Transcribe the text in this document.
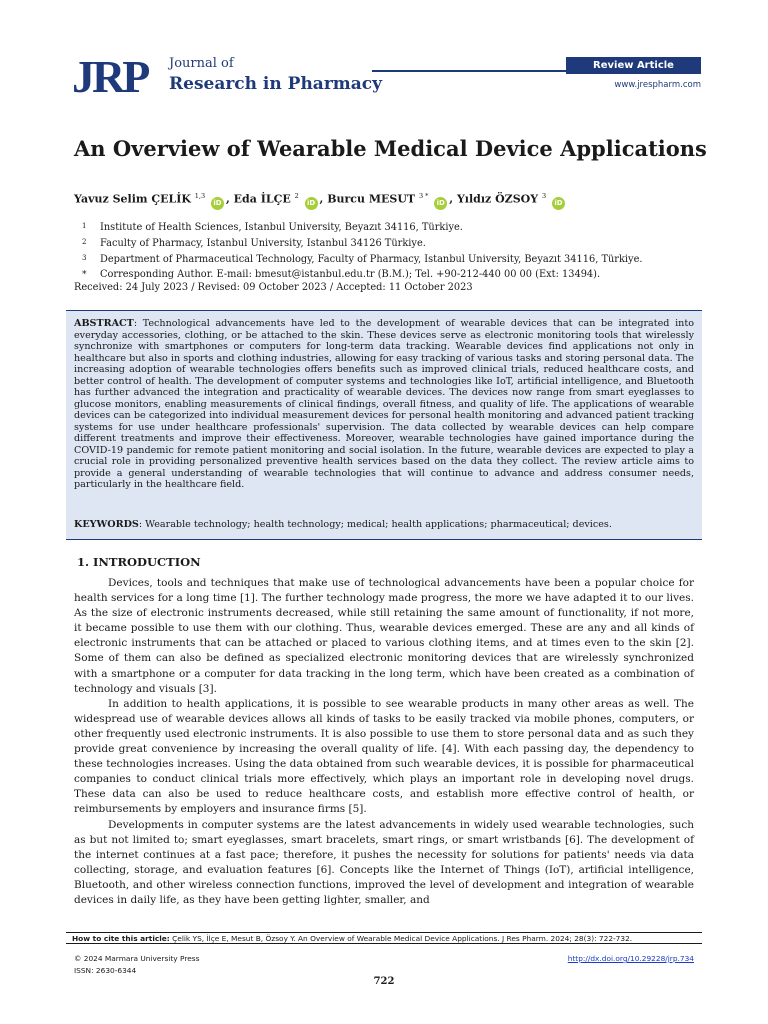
JRP Journal of
Research in Pharmacy
Review Article
www.jrespharm.com
An Overview of Wearable Medical Device Applications
Yavuz Selim ÇELİK $^{1,3}$ iD , Eda İLÇE $^2$ iD , Burcu MESUT $^{3 *}$ iD , Yıldız ÖZSOY $^3$ iD
1 Institute of Health Sciences, Istanbul University, Beyazıt 34116, Türkiye.
2 Faculty of Pharmacy, Istanbul University, Istanbul 34126 Türkiye.
3 Department of Pharmaceutical Technology, Faculty of Pharmacy, Istanbul University, Beyazıt 34116, Türkiye.
* Corresponding Author. E-mail: bmesut@istanbul.edu.tr (B.M.); Tel. +90-212-440 00 00 (Ext: 13494).
Received: 24 July 2023 / Revised: 09 October 2023 / Accepted: 11 October 2023
ABSTRACT: Technological advancements have led to the development of wearable devices that can be integrated into everyday accessories, clothing, or be attached to the skin. These devices serve as electronic monitoring tools that wirelessly synchronize with smartphones or computers for long-term data tracking. Wearable devices find applications not only in healthcare but also in sports and clothing industries, allowing for easy tracking of various tasks and storing personal data. The increasing adoption of wearable technologies offers benefits such as improved clinical trials, reduced healthcare costs, and better control of health. The development of computer systems and technologies like IoT, artificial intelligence, and Bluetooth has further advanced the integration and practicality of wearable devices. The devices now range from smart eyeglasses to glucose monitors, enabling measurements of clinical findings, overall fitness, and quality of life. The applications of wearable devices can be categorized into individual measurement devices for personal health monitoring and advanced patient tracking systems for use under healthcare professionals' supervision. The data collected by wearable devices can help compare different treatments and improve their effectiveness. Moreover, wearable technologies have gained importance during the COVID-19 pandemic for remote patient monitoring and social isolation. In the future, wearable devices are expected to play a crucial role in providing personalized preventive health services based on the data they collect. The review article aims to provide a general understanding of wearable technologies that will continue to advance and address consumer needs, particularly in the healthcare field.
KEYWORDS: Wearable technology; health technology; medical; health applications; pharmaceutical; devices.
1. INTRODUCTION

Devices, tools and techniques that make use of technological advancements have been a popular choice for health services for a long time [1]. The further technology made progress, the more we have adapted it to our lives. As the size of electronic instruments decreased, while still retaining the same amount of functionality, if not more, it became possible to use them with our clothing. Thus, wearable devices emerged. These are any and all kinds of electronic instruments that can be attached or placed to various clothing items, and at times even to the skin [2]. Some of them can also be defined as specialized electronic monitoring devices that are wirelessly synchronized with a smartphone or a computer for data tracking in the long term, which have been created as a combination of technology and visuals [3].

In addition to health applications, it is possible to see wearable products in many other areas as well. The widespread use of wearable devices allows all kinds of tasks to be easily tracked via mobile phones, computers, or other frequently used electronic instruments. It is also possible to use them to store personal data and as such they provide great convenience by increasing the overall quality of life. [4]. With each passing day, the dependency to these technologies increases. Using the data obtained from such wearable devices, it is possible for pharmaceutical companies to conduct clinical trials more effectively, which plays an important role in developing novel drugs. These data can also be used to reduce healthcare costs, and establish more effective control of health, or reimbursements by employers and insurance firms [5].

Developments in computer systems are the latest advancements in widely used wearable technologies, such as but not limited to; smart eyeglasses, smart bracelets, smart rings, or smart wristbands [6]. The development of the internet continues at a fast pace; therefore, it pushes the necessity for solutions for patients' needs via data collecting, storage, and evaluation features [6]. Concepts like the Internet of Things (IoT), artificial intelligence, Bluetooth, and other wireless connection functions, improved the level of development and integration of wearable devices in daily life, as they have been getting lighter, smaller, and

How to cite this article: Çelik YS, İlçe E, Mesut B, Özsoy Y. An Overview of Wearable Medical Device Applications. J Res Pharm. 2024; 28(3): 722-732.
© 2024 Marmara University Press
ISSN: 2630-6344
http://dx.doi.org/10.29228/jrp.734
722
